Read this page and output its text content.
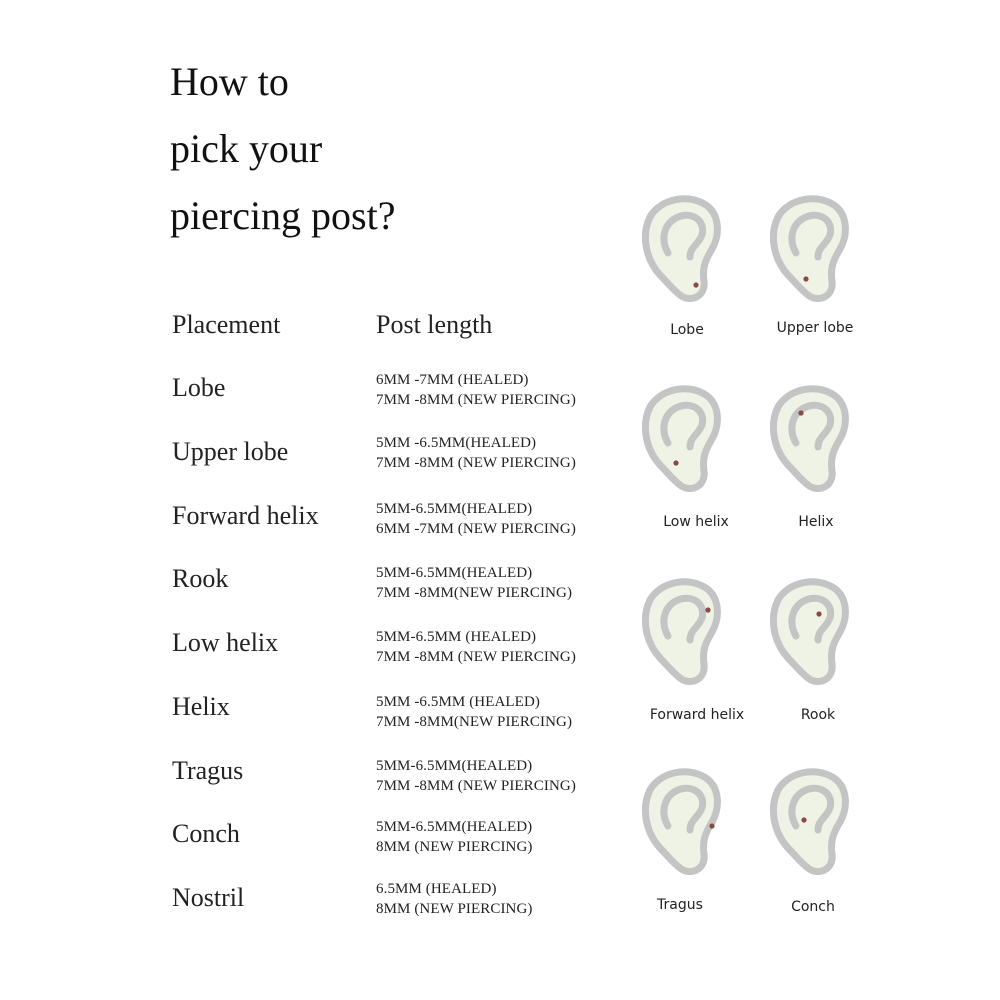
How to
pick your
piercing post?
Placement	Post length
Lobe	6MM -7MM (HEALED)
7MM -8MM (NEW PIERCING)
Upper lobe	5MM -6.5MM(HEALED)
7MM -8MM (NEW PIERCING)
Forward helix	5MM-6.5MM(HEALED)
6MM -7MM (NEW PIERCING)
Rook	5MM-6.5MM(HEALED)
7MM -8MM(NEW PIERCING)
Low helix	5MM-6.5MM (HEALED)
7MM -8MM (NEW PIERCING)
Helix	5MM -6.5MM (HEALED)
7MM -8MM(NEW PIERCING)
Tragus	5MM-6.5MM(HEALED)
7MM -8MM (NEW PIERCING)
Conch	5MM-6.5MM(HEALED)
8MM (NEW PIERCING)
Nostril	6.5MM (HEALED)
8MM (NEW PIERCING)
Lobe	Upper lobe
Low helix	Helix
Forward helix	Rook
Tragus	Conch
